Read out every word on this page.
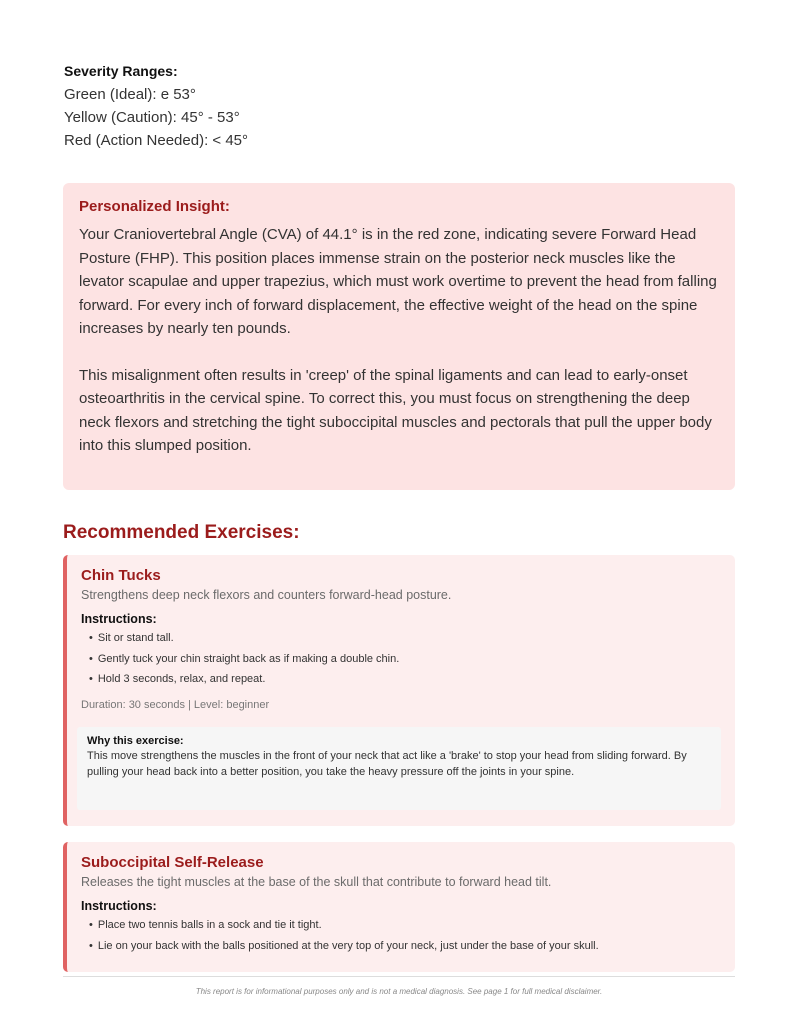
Severity Ranges:

Green (Ideal): e 53°
Yellow (Caution): 45° - 53°
Red (Action Needed): < 45°

Personalized Insight:

Your Craniovertebral Angle (CVA) of 44.1° is in the red zone, indicating severe Forward Head Posture (FHP). This position places immense strain on the posterior neck muscles like the levator scapulae and upper trapezius, which must work overtime to prevent the head from falling forward. For every inch of forward displacement, the effective weight of the head on the spine increases by nearly ten pounds.

This misalignment often results in 'creep' of the spinal ligaments and can lead to early-onset osteoarthritis in the cervical spine. To correct this, you must focus on strengthening the deep neck flexors and stretching the tight suboccipital muscles and pectorals that pull the upper body into this slumped position.

Recommended Exercises:

Chin Tucks

Strengthens deep neck flexors and counters forward-head posture.

Instructions:

• Sit or stand tall.
• Gently tuck your chin straight back as if making a double chin.
• Hold 3 seconds, relax, and repeat.

Duration: 30 seconds | Level: beginner

Why this exercise:

This move strengthens the muscles in the front of your neck that act like a 'brake' to stop your head from sliding forward. By pulling your head back into a better position, you take the heavy pressure off the joints in your spine.

Suboccipital Self-Release

Releases the tight muscles at the base of the skull that contribute to forward head tilt.

Instructions:

• Place two tennis balls in a sock and tie it tight.
• Lie on your back with the balls positioned at the very top of your neck, just under the base of your skull.
This report is for informational purposes only and is not a medical diagnosis. See page 1 for full medical disclaimer.
